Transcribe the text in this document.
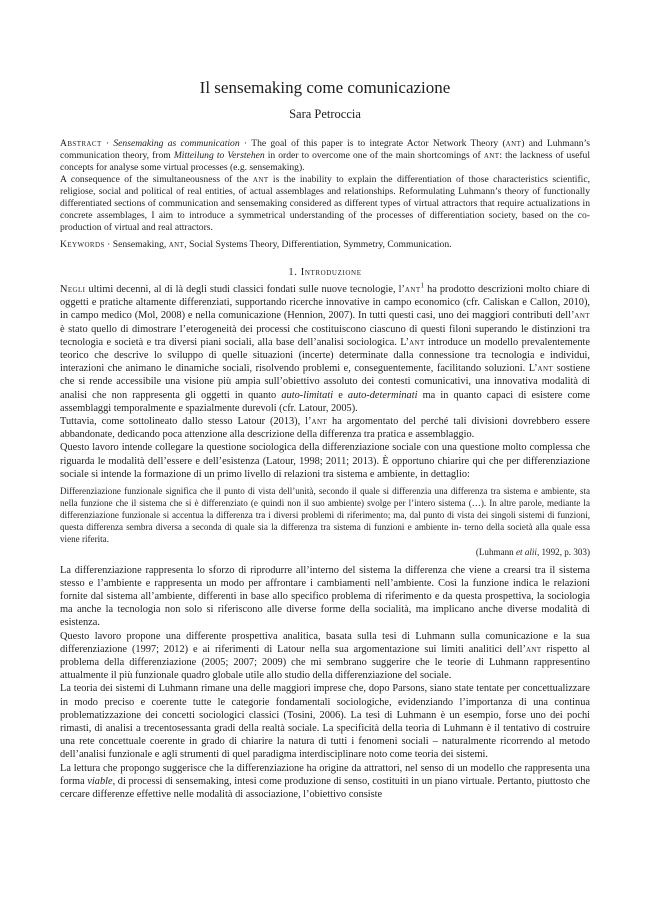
Il sensemaking come comunicazione
Sara Petroccia

Abstract · Sensemaking as communication · The goal of this paper is to integrate Actor Network Theory (ant) and Luhmann’s communication theory, from Mitteilung to Verstehen in order to overcome one of the main shortcomings of ant: the lackness of useful concepts for analyse some virtual processes (e.g. sensemaking).

A consequence of the simultaneousness of the ant is the inability to explain the differentiation of those characteristics scientific, religiose, social and political of real entities, of actual assemblages and relationships. Reformulating Luhmann’s theory of functionally differentiated sections of communication and sensemaking considered as different types of virtual attractors that require actualizations in concrete assemblages, I aim to introduce a symmetrical understanding of the processes of differentiation society, based on the co-production of virtual and real attractors.

Keywords · Sensemaking, ant, Social Systems Theory, Differentiation, Symmetry, Communication.
1. Introduzione

Negli ultimi decenni, al di là degli studi classici fondati sulle nuove tecnologie, l’ant$^1$ ha prodotto descrizioni molto chiare di oggetti e pratiche altamente differenziati, supportando ricerche innovative in campo economico (cfr. Caliskan e Callon, 2010), in campo medico (Mol, 2008) e nella comunicazione (Hennion, 2007). In tutti questi casi, uno dei maggiori contributi dell’ant è stato quello di dimostrare l’eterogeneità dei processi che costituiscono ciascuno di questi filoni superando le distinzioni tra tecnologia e società e tra diversi piani sociali, alla base dell’analisi sociologica. L’ant introduce un modello prevalentemente teorico che descrive lo sviluppo di quelle situazioni (incerte) determinate dalla connessione tra tecnologia e individui, interazioni che animano le dinamiche sociali, risolvendo problemi e, conseguentemente, facilitando soluzioni. L’ant sostiene che si rende accessibile una visione più ampia sull’obiettivo assoluto dei contesti comunicativi, una innovativa modalità di analisi che non rappresenta gli oggetti in quanto auto-limitati e auto-determinati ma in quanto capaci di esistere come assemblaggi temporalmente e spazialmente durevoli (cfr. Latour, 2005).

Tuttavia, come sottolineato dallo stesso Latour (2013), l’ant ha argomentato del perché tali divisioni dovrebbero essere abbandonate, dedicando poca attenzione alla descrizione della differenza tra pratica e assemblaggio.

Questo lavoro intende collegare la questione sociologica della differenziazione sociale con una questione molto complessa che riguarda le modalità dell’essere e dell’esistenza (Latour, 1998; 2011; 2013). È opportuno chiarire qui che per differenziazione sociale si intende la formazione di un primo livello di relazioni tra sistema e ambiente, in dettaglio:

Differenziazione funzionale significa che il punto di vista dell’unità, secondo il quale si differenzia una differenza tra sistema e ambiente, sta nella funzione che il sistema che si è differenziato (e quindi non il suo ambiente) svolge per l’intero sistema (…). In altre parole, mediante la differenziazione funzionale si accentua la differenza tra i diversi problemi di riferimento; ma, dal punto di vista dei singoli sistemi di funzioni, questa differenza sembra diversa a seconda di quale sia la differenza tra sistema di funzioni e ambiente in- terno della società alla quale essa viene riferita.
(Luhmann et alii, 1992, p. 303)

La differenziazione rappresenta lo sforzo di riprodurre all’interno del sistema la differenza che viene a crearsi tra il sistema stesso e l’ambiente e rappresenta un modo per affrontare i cambiamenti nell’ambiente. Così la funzione indica le relazioni fornite dal sistema all’ambiente, differenti in base allo specifico problema di riferimento e da questa prospettiva, la sociologia ma anche la tecnologia non solo si riferiscono alle diverse forme della socialità, ma implicano anche diverse modalità di esistenza.

Questo lavoro propone una differente prospettiva analitica, basata sulla tesi di Luhmann sulla comunicazione e la sua differenziazione (1997; 2012) e ai riferimenti di Latour nella sua argomentazione sui limiti analitici dell’ant rispetto al problema della differenziazione (2005; 2007; 2009) che mi sembrano suggerire che le teorie di Luhmann rappresentino attualmente il più funzionale quadro globale utile allo studio della differenziazione del sociale.

La teoria dei sistemi di Luhmann rimane una delle maggiori imprese che, dopo Parsons, siano state tentate per concettualizzare in modo preciso e coerente tutte le categorie fondamentali sociologiche, evidenziando l’importanza di una continua problematizzazione dei concetti sociologici classici (Tosini, 2006). La tesi di Luhmann è un esempio, forse uno dei pochi rimasti, di analisi a trecentosessanta gradi della realtà sociale. La specificità della teoria di Luhmann è il tentativo di costruire una rete concettuale coerente in grado di chiarire la natura di tutti i fenomeni sociali – naturalmente ricorrendo al metodo dell’analisi funzionale e agli strumenti di quel paradigma interdisciplinare noto come teoria dei sistemi.

La lettura che propongo suggerisce che la differenziazione ha origine da attrattori, nel senso di un modello che rappresenta una forma viable, di processi di sensemaking, intesi come produzione di senso, costituiti in un piano virtuale. Pertanto, piuttosto che cercare differenze effettive nelle modalità di associazione, l’obiettivo consiste
